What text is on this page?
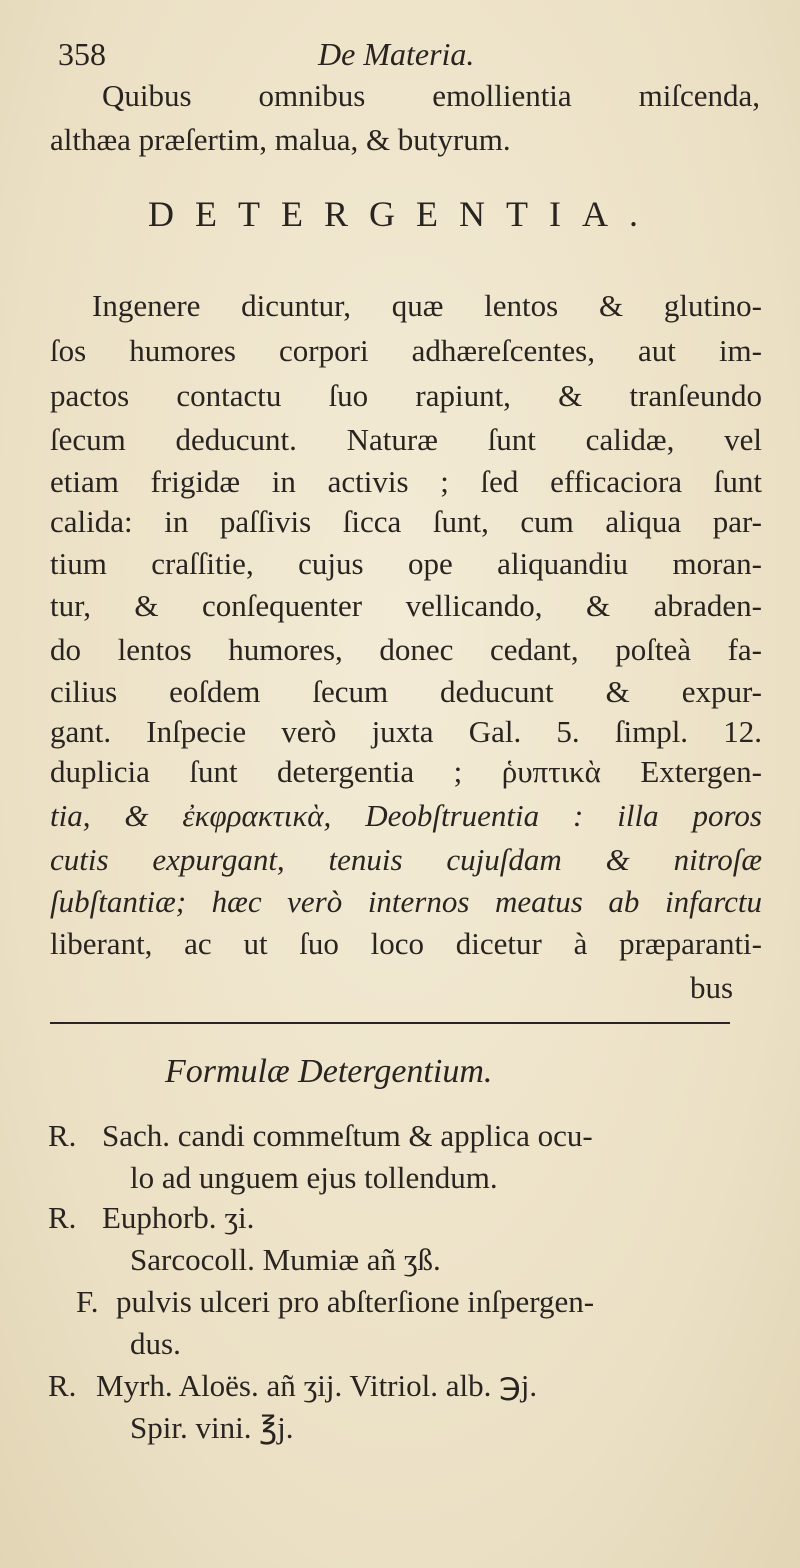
358	De Materia.
Quibus omnibus emollientia miſcenda,
althæa præſertim, malua, & butyrum.
DETERGENTIA.
Ingenere dicuntur, quæ lentos & glutino-
ſos humores corpori adhæreſcentes, aut im-
pactos contactu ſuo rapiunt, & tranſeundo
ſecum deducunt. Naturæ ſunt calidæ, vel
etiam frigidæ in activis ; ſed efficaciora ſunt
calida: in paſſivis ſicca ſunt, cum aliqua par-
tium craſſitie, cujus ope aliquandiu moran-
tur, & conſequenter vellicando, & abraden-
do lentos humores, donec cedant, poſteà fa-
cilius eoſdem ſecum deducunt & expur-
gant. Inſpecie verò juxta Gal. 5. ſimpl. 12.
duplicia ſunt detergentia ; ῥυπτικὰ Extergen-
tia, & ἐκφρακτικὰ, Deobſtruentia : illa poros
cutis expurgant, tenuis cujuſdam & nitroſæ
ſubſtantiæ; hæc verò internos meatus ab infarctu
liberant, ac ut ſuo loco dicetur à præparanti-
bus
Formulæ Detergentium.
R. Sach. candi commeſtum & applica ocu-
lo ad unguem ejus tollendum.
R. Euphorb. ʒi.
Sarcocoll. Mumiæ añ ʒß.
F. pulvis ulceri pro abſterſione inſpergen-
dus.
R. Myrh. Aloës. añ ʒij. Vitriol. alb. ℈j.
Spir. vini. ℥j.
